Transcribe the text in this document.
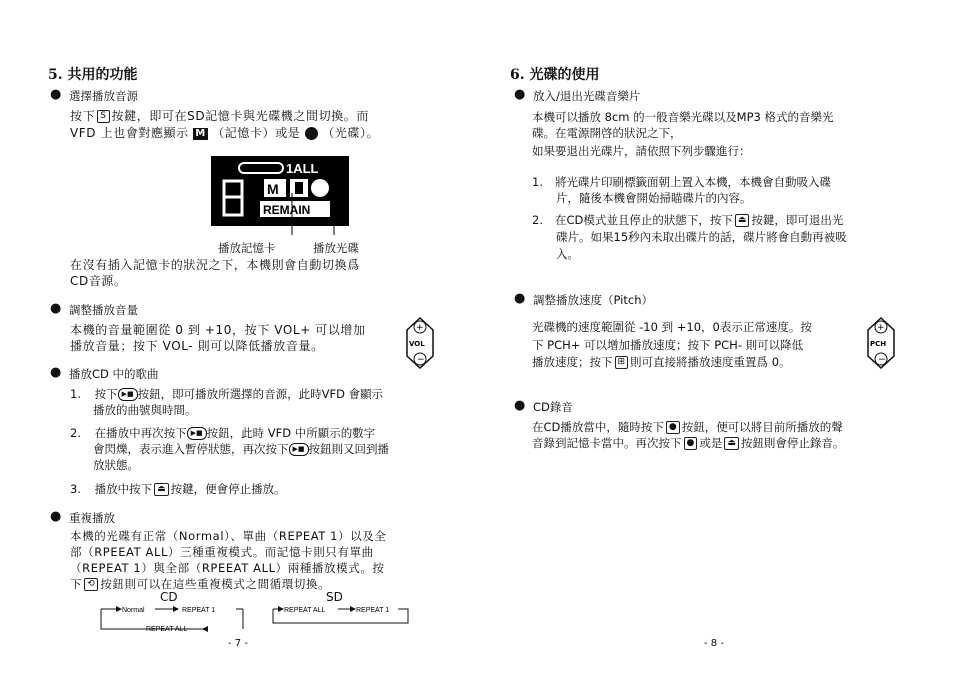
5. 共用的功能
● 選擇播放音源
按下 S 按鍵，即可在SD記憶卡與光碟機之間切換。而
VFD 上也會對應顯示 M （記憶卡）或是 （光碟）。
1ALL
M
REMAIN
播放記憶卡	播放光碟
在沒有插入記憶卡的狀況之下，本機則會自動切換爲
CD音源。
● 調整播放音量
本機的音量範圍從 0 到 +10，按下 VOL+ 可以增加
播放音量；按下 VOL- 則可以降低播放音量。
+
−
VOL
● 播放CD 中的歌曲
1. 按下 ▶■ 按鈕，即可播放所選擇的音源，此時VFD 會顯示
播放的曲號與時間。
2. 在播放中再次按下 ▶■ 按鈕，此時 VFD 中所顯示的數字
會閃爍，表示進入暫停狀態，再次按下 ▶■ 按鈕則又回到播
放狀態。
3. 播放中按下 ⏏ 按鍵，便會停止播放。
● 重複播放
本機的光碟有正常（Normal）、單曲（REPEAT 1）以及全
部（RPEEAT ALL）三種重複模式。而記憶卡則只有單曲
（REPEAT 1）與全部（RPEEAT ALL）兩種播放模式。按
下 ⟲ 按鈕則可以在這些重複模式之間循環切換。
CD	SD
Normal	REPEAT 1
REPEAT ALL
REPEAT ALL	REPEAT 1
- 7 -
6. 光碟的使用
● 放入/退出光碟音樂片
本機可以播放 8cm 的一般音樂光碟以及MP3 格式的音樂光
碟。在電源開啓的狀況之下，
如果要退出光碟片，請依照下列步驟進行：
1. 將光碟片印刷標籤面朝上置入本機，本機會自動吸入碟
片，隨後本機會開始掃瞄碟片的內容。
2. 在CD模式並且停止的狀態下，按下 ⏏ 按鍵，即可退出光
碟片。如果15秒內未取出碟片的話，碟片將會自動再被吸
入。
● 調整播放速度（Pitch）
光碟機的速度範圍從 -10 到 +10，0表示正常速度。按
下 PCH+ 可以增加播放速度；按下 PCH- 則可以降低
播放速度；按下 ⊞ 則可直接將播放速度重置爲 0。
+
−
PCH
● CD錄音
在CD播放當中，隨時按下 ● 按鈕，便可以將目前所播放的聲
音錄到記憶卡當中。再次按下 ● 或是 ⏏ 按鈕則會停止錄音。
- 8 -
